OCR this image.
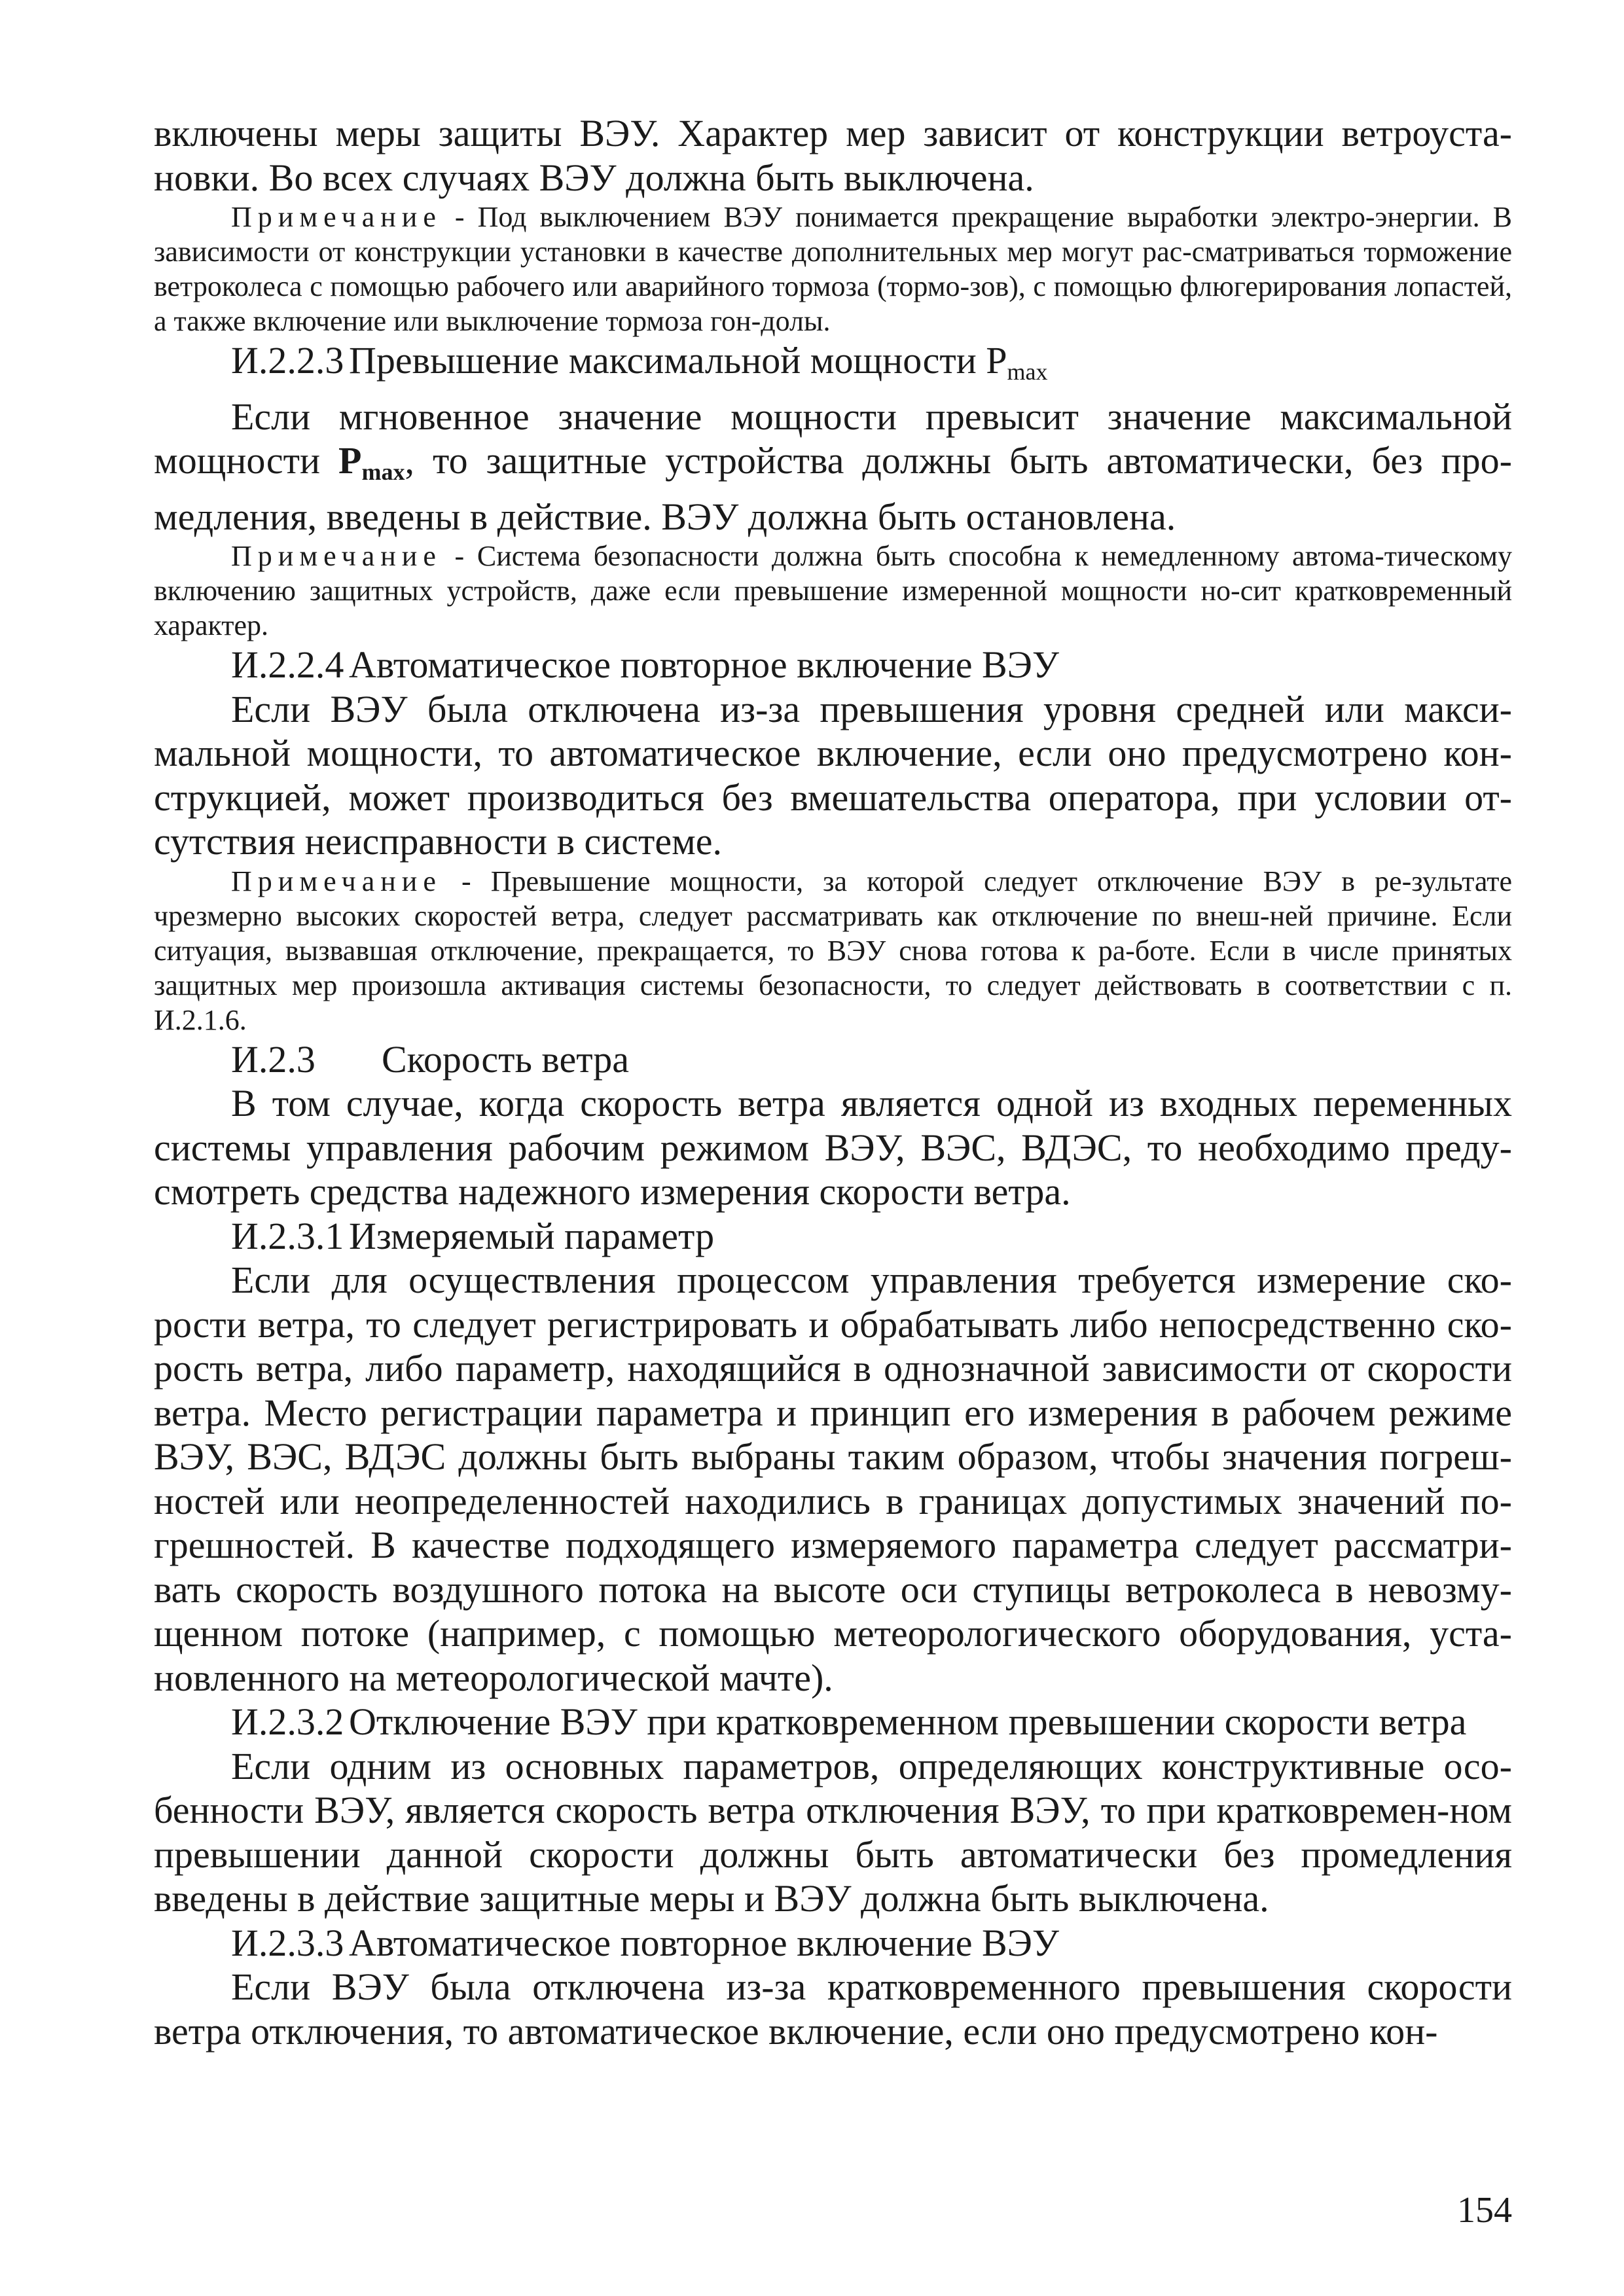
включены меры защиты ВЭУ. Характер мер зависит от конструкции ветроуста-новки. Во всех случаях ВЭУ должна быть выключена.

Примечание - Под выключением ВЭУ понимается прекращение выработки электро-энергии. В зависимости от конструкции установки в качестве дополнительных мер могут рас-сматриваться торможение ветроколеса с помощью рабочего или аварийного тормоза (тормо-зов), с помощью флюгерирования лопастей, а также включение или выключение тормоза гон-долы.

И.2.2.3 Превышение максимальной мощности $P_{max}$

Если мгновенное значение мощности превысит значение максимальной мощности $P_{max}$, то защитные устройства должны быть автоматически, без про-медления, введены в действие. ВЭУ должна быть остановлена.

Примечание - Система безопасности должна быть способна к немедленному автома-тическому включению защитных устройств, даже если превышение измеренной мощности но-сит кратковременный характер.

И.2.2.4 Автоматическое повторное включение ВЭУ

Если ВЭУ была отключена из-за превышения уровня средней или макси-мальной мощности, то автоматическое включение, если оно предусмотрено кон-струкцией, может производиться без вмешательства оператора, при условии от-сутствия неисправности в системе.

Примечание - Превышение мощности, за которой следует отключение ВЭУ в ре-зультате чрезмерно высоких скоростей ветра, следует рассматривать как отключение по внеш-ней причине. Если ситуация, вызвавшая отключение, прекращается, то ВЭУ снова готова к ра-боте. Если в числе принятых защитных мер произошла активация системы безопасности, то следует действовать в соответствии с п. И.2.1.6.

И.2.3 Скорость ветра

В том случае, когда скорость ветра является одной из входных переменных системы управления рабочим режимом ВЭУ, ВЭС, ВДЭС, то необходимо преду-смотреть средства надежного измерения скорости ветра.

И.2.3.1 Измеряемый параметр

Если для осуществления процессом управления требуется измерение ско-рости ветра, то следует регистрировать и обрабатывать либо непосредственно ско-рость ветра, либо параметр, находящийся в однозначной зависимости от скорости ветра. Место регистрации параметра и принцип его измерения в рабочем режиме ВЭУ, ВЭС, ВДЭС должны быть выбраны таким образом, чтобы значения погреш-ностей или неопределенностей находились в границах допустимых значений по-грешностей. В качестве подходящего измеряемого параметра следует рассматри-вать скорость воздушного потока на высоте оси ступицы ветроколеса в невозму-щенном потоке (например, с помощью метеорологического оборудования, уста-новленного на метеорологической мачте).

И.2.3.2 Отключение ВЭУ при кратковременном превышении скорости ветра

Если одним из основных параметров, определяющих конструктивные осо-бенности ВЭУ, является скорость ветра отключения ВЭУ, то при кратковремен-ном превышении данной скорости должны быть автоматически без промедления введены в действие защитные меры и ВЭУ должна быть выключена.

И.2.3.3 Автоматическое повторное включение ВЭУ

Если ВЭУ была отключена из-за кратковременного превышения скорости ветра отключения, то автоматическое включение, если оно предусмотрено кон-

154
